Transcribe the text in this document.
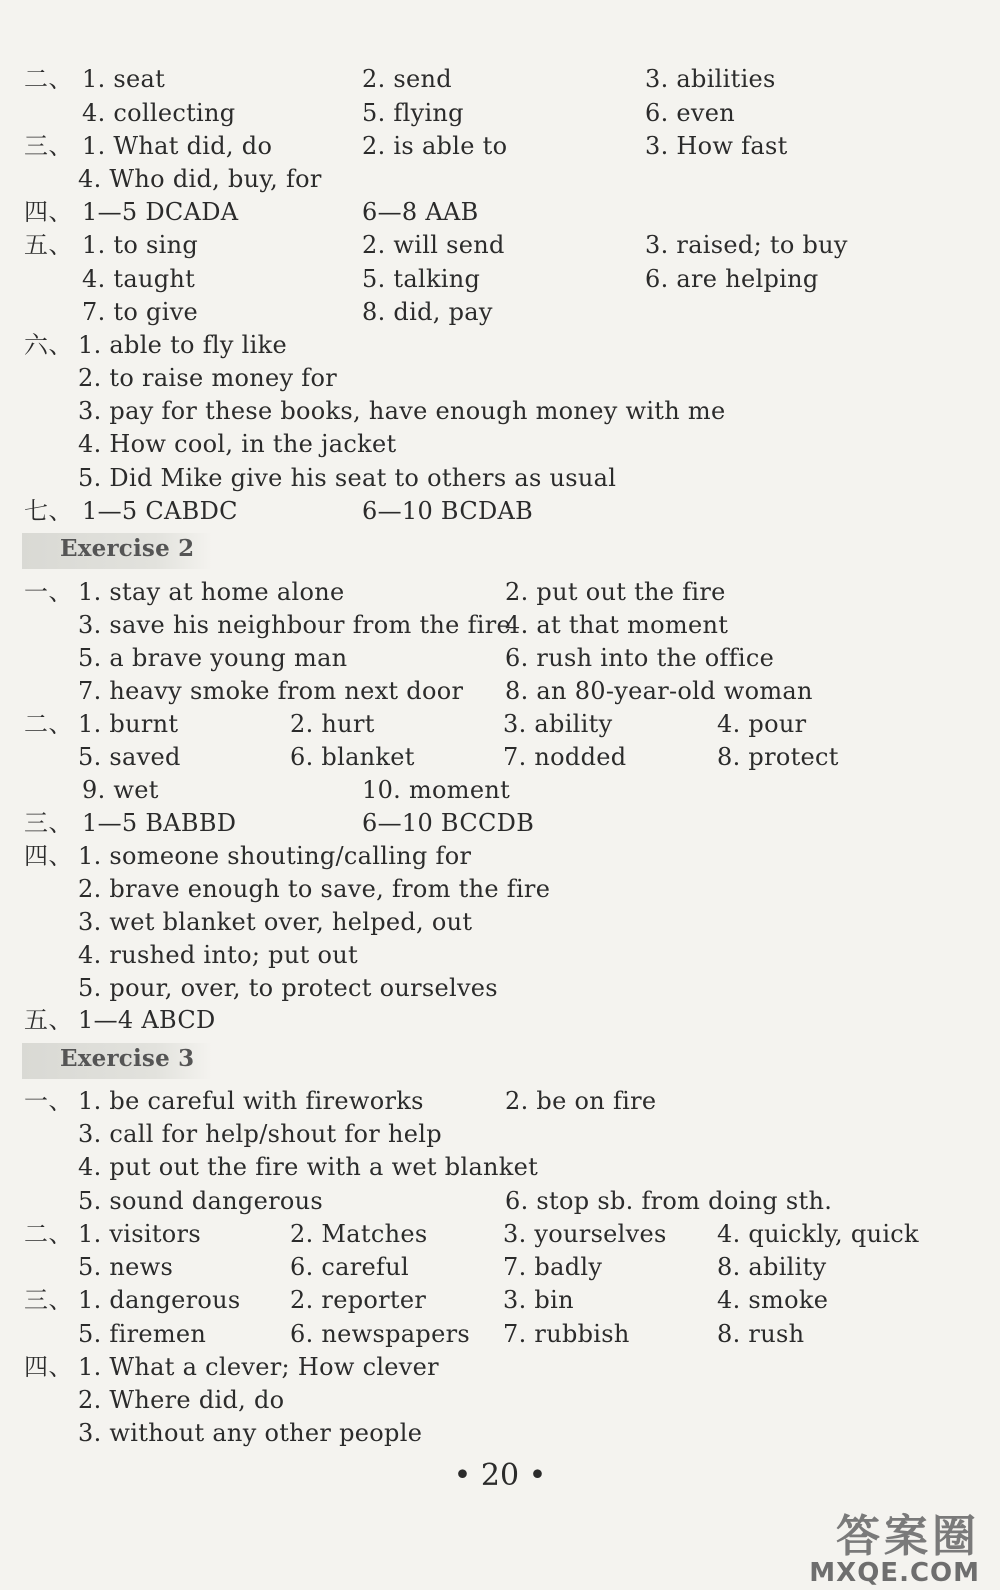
二、 1. seat	2. send	3. abilities
4. collecting	5. flying	6. even
三、 1. What did, do	2. is able to	3. How fast
4. Who did, buy, for
四、 1—5 DCADA	6—8 AAB
五、 1. to sing	2. will send	3. raised; to buy
4. taught	5. talking	6. are helping
7. to give	8. did, pay
六、 1. able to fly like
2. to raise money for
3. pay for these books, have enough money with me
4. How cool, in the jacket
5. Did Mike give his seat to others as usual
七、 1—5 CABDC	6—10 BCDAB
Exercise 2
一、 1. stay at home alone	2. put out the fire
3. save his neighbour from the fire
4. at that moment
5. a brave young man	6. rush into the office
7. heavy smoke from next door 8. an 80-year-old woman
二、 1. burnt	2. hurt	3. ability	4. pour
5. saved	6. blanket	7. nodded	8. protect
9. wet	10. moment
三、 1—5 BABBD	6—10 BCCDB
四、 1. someone shouting/calling for
2. brave enough to save, from the fire
3. wet blanket over, helped, out
4. rushed into; put out
5. pour, over, to protect ourselves
五、 1—4 ABCD
Exercise 3
一、 1. be careful with fireworks	2. be on fire
3. call for help/shout for help
4. put out the fire with a wet blanket
5. sound dangerous	6. stop sb. from doing sth.
二、 1. visitors	2. Matches	3. yourselves 4. quickly, quick
5. news	6. careful	7. badly	8. ability
三、 1. dangerous 2. reporter	3. bin	4. smoke
5. firemen	6. newspapers 7. rubbish	8. rush
四、 1. What a clever; How clever
2. Where did, do
3. without any other people
• 20 •
答案圈
MXQE.COM
